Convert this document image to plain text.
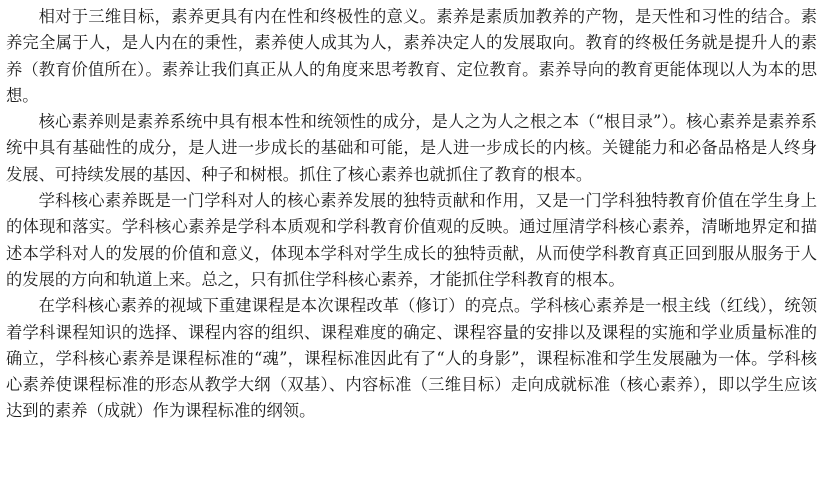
相对于三维目标，素养更具有内在性和终极性的意义。素养是素质加教养的产物，是天性和习性的结合。素养完全属于人，是人内在的秉性，素养使人成其为人，素养决定人的发展取向。教育的终极任务就是提升人的素养（教育价值所在）。素养让我们真正从人的角度来思考教育、定位教育。素养导向的教育更能体现以人为本的思想。

核心素养则是素养系统中具有根本性和统领性的成分，是人之为人之根之本（“根目录”）。核心素养是素养系统中具有基础性的成分，是人进一步成长的基础和可能，是人进一步成长的内核。关键能力和必备品格是人终身发展、可持续发展的基因、种子和树根。抓住了核心素养也就抓住了教育的根本。

学科核心素养既是一门学科对人的核心素养发展的独特贡献和作用，又是一门学科独特教育价值在学生身上的体现和落实。学科核心素养是学科本质观和学科教育价值观的反映。通过厘清学科核心素养，清晰地界定和描述本学科对人的发展的价值和意义，体现本学科对学生成长的独特贡献，从而使学科教育真正回到服从服务于人的发展的方向和轨道上来。总之，只有抓住学科核心素养，才能抓住学科教育的根本。

在学科核心素养的视域下重建课程是本次课程改革（修订）的亮点。学科核心素养是一根主线（红线），统领着学科课程知识的选择、课程内容的组织、课程难度的确定、课程容量的安排以及课程的实施和学业质量标准的确立，学科核心素养是课程标准的“魂”，课程标准因此有了“人的身影”，课程标准和学生发展融为一体。学科核心素养使课程标准的形态从教学大纲（双基）、内容标准（三维目标）走向成就标准（核心素养），即以学生应该达到的素养（成就）作为课程标准的纲领。
